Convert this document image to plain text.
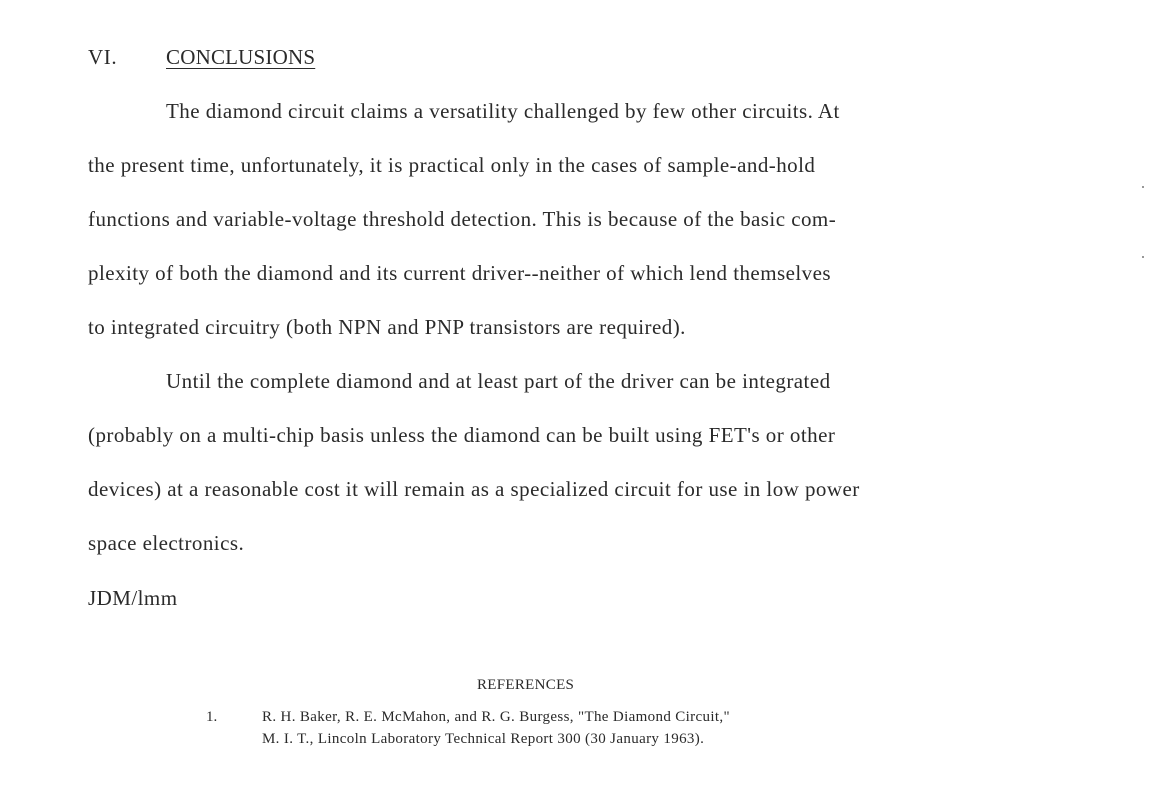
VI. CONCLUSIONS
The diamond circuit claims a versatility challenged by few other circuits. At
the present time, unfortunately, it is practical only in the cases of sample-and-hold
functions and variable-voltage threshold detection. This is because of the basic com-
plexity of both the diamond and its current driver--neither of which lend themselves
to integrated circuitry (both NPN and PNP transistors are required).
Until the complete diamond and at least part of the driver can be integrated
(probably on a multi-chip basis unless the diamond can be built using FET's or other
devices) at a reasonable cost it will remain as a specialized circuit for use in low power
space electronics.
JDM/lmm
REFERENCES
1.	R. H. Baker, R. E. McMahon, and R. G. Burgess, "The Diamond Circuit,"
M. I. T., Lincoln Laboratory Technical Report 300 (30 January 1963).
